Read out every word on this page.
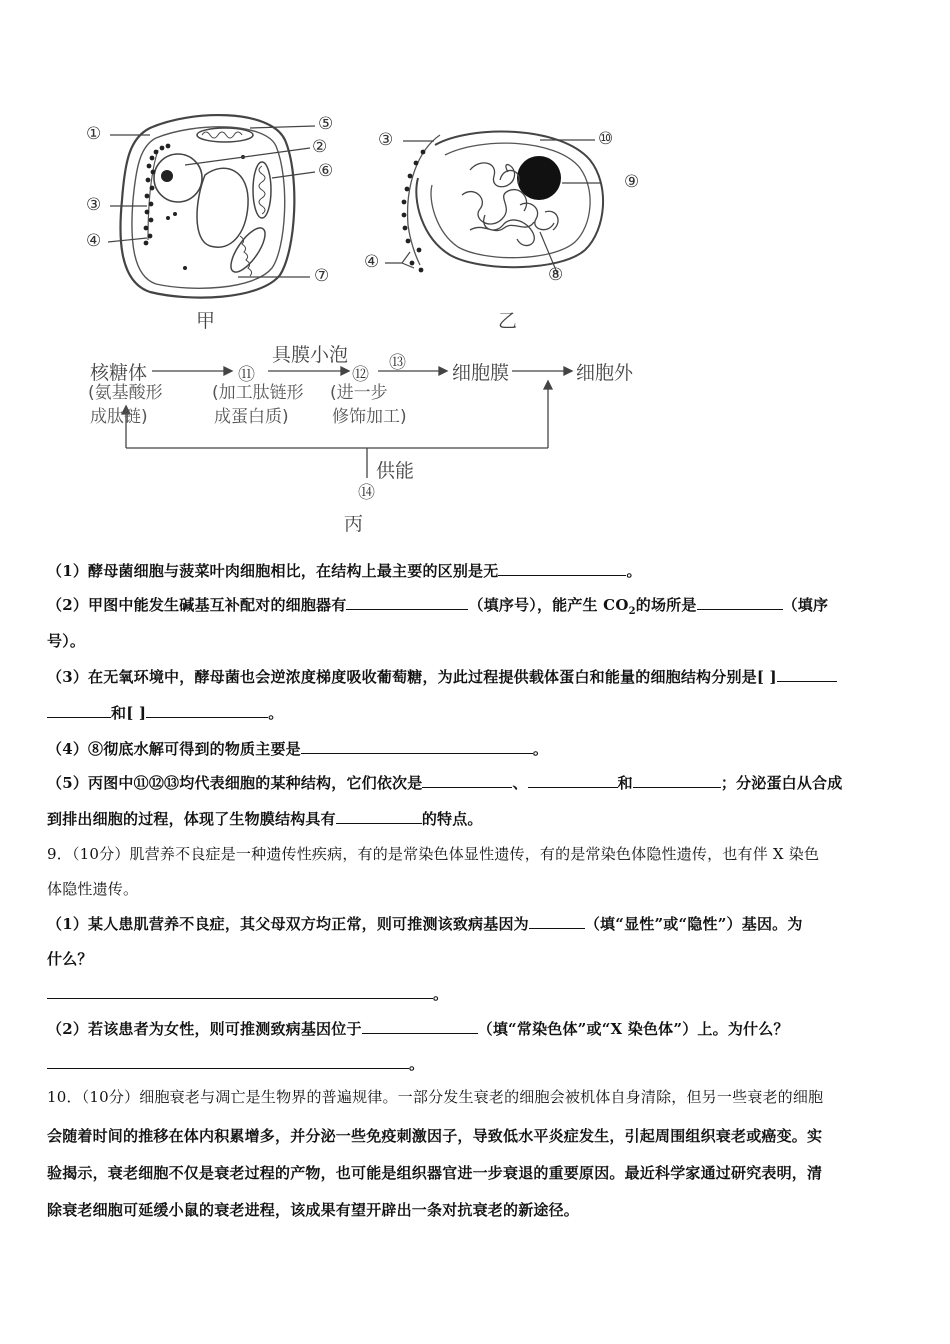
①	⑤
②
⑥
③
④
⑦
③	⑩
⑨
⑧
④
甲	乙
核糖体
(氨基酸形
成肽链)
⑪
(加工肽链形
成蛋白质)
具膜小泡
⑫
(进一步
修饰加工)
⑬ 细胞膜	细胞外
供能
⑭
丙
（1）酵母菌细胞与菠菜叶肉细胞相比，在结构上最主要的区别是无	。
（2）甲图中能发生碱基互补配对的细胞器有	（填序号），能产生 $CO_2$的场所是	（填序
号）。
（3）在无氧环境中，酵母菌也会逆浓度梯度吸收葡萄糖，为此过程提供载体蛋白和能量的细胞结构分别是[ ]
和[ ]	。
（4）⑧彻底水解可得到的物质主要是	。
（5）丙图中⑪⑫⑬均代表细胞的某种结构，它们依次是	、	和	；分泌蛋白从合成
到排出细胞的过程，体现了生物膜结构具有	的特点。
9．（10分）肌营养不良症是一种遗传性疾病，有的是常染色体显性遗传，有的是常染色体隐性遗传，也有伴 X 染色
体隐性遗传。
（1）某人患肌营养不良症，其父母双方均正常，则可推测该致病基因为	（填“显性”或“隐性”）基因。为
什么？
。
（2）若该患者为女性，则可推测致病基因位于	（填“常染色体”或“X 染色体”）上。为什么？
。
10．（10分）细胞衰老与凋亡是生物界的普遍规律。一部分发生衰老的细胞会被机体自身清除，但另一些衰老的细胞
会随着时间的推移在体内积累增多，并分泌一些免疫刺激因子，导致低水平炎症发生，引起周围组织衰老或癌变。实
验揭示，衰老细胞不仅是衰老过程的产物，也可能是组织器官进一步衰退的重要原因。最近科学家通过研究表明，清
除衰老细胞可延缓小鼠的衰老进程，该成果有望开辟出一条对抗衰老的新途径。
